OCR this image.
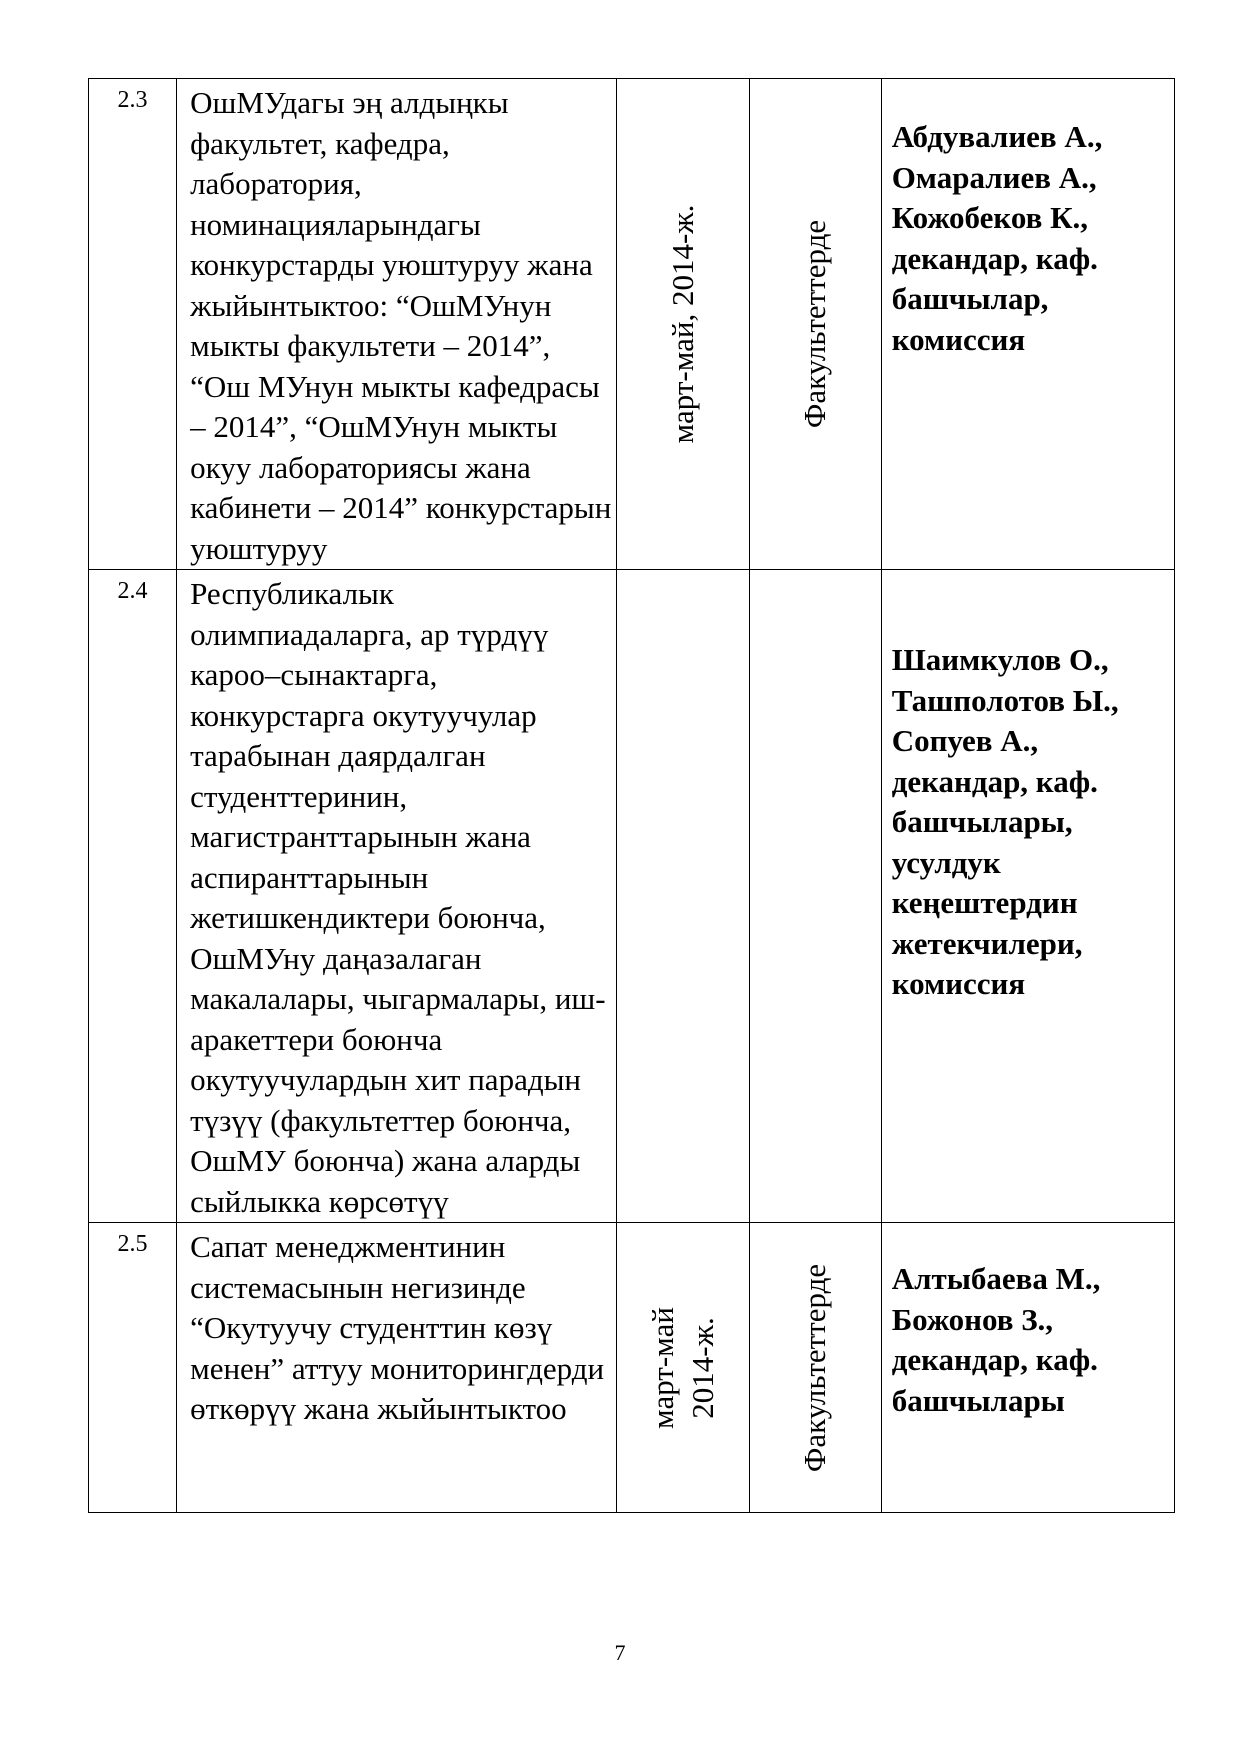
2.3	ОшМУдагы эң алдыңкы факультет, кафедра, лаборатория, номинацияларындагы конкурстарды уюштуруу жана жыйынтыктоо: “ОшМУнун мыкты факультети – 2014”, “Ош МУнун мыкты кафедрасы – 2014”, “ОшМУнун мыкты окуу лабораториясы жана кабинети – 2014” конкурстарын уюштуруу	март-май, 2014-ж.	Факультеттерде	Абдувалиев А., Омаралиев А., Кожобеков К., декандар, каф. башчылар, комиссия

2.4	Республикалык олимпиадаларга, ар түрдүү кароо–сынактарга, конкурстарга окутуучулар тарабынан даярдалган студенттеринин, магистранттарынын жана аспиранттарынын жетишкендиктери боюнча, ОшМУну даңазалаган макалалары, чыгармалары, иш-аракеттери боюнча окутуучулардын хит парадын түзүү (факультеттер боюнча, ОшМУ боюнча) жана аларды сыйлыкка көрсөтүү			Шаимкулов О., Ташполотов Ы., Сопуев А., декандар, каф. башчылары, усулдук кеңештердин жетекчилери, комиссия

2.5	Сапат менеджментинин системасынын негизинде “Окутуучу студенттин көзү менен” аттуу мониторингдерди өткөрүү жана жыйынтыктоо	март-май 2014-ж.	Факультеттерде	Алтыбаева М., Божонов З., декандар, каф. башчылары
7
